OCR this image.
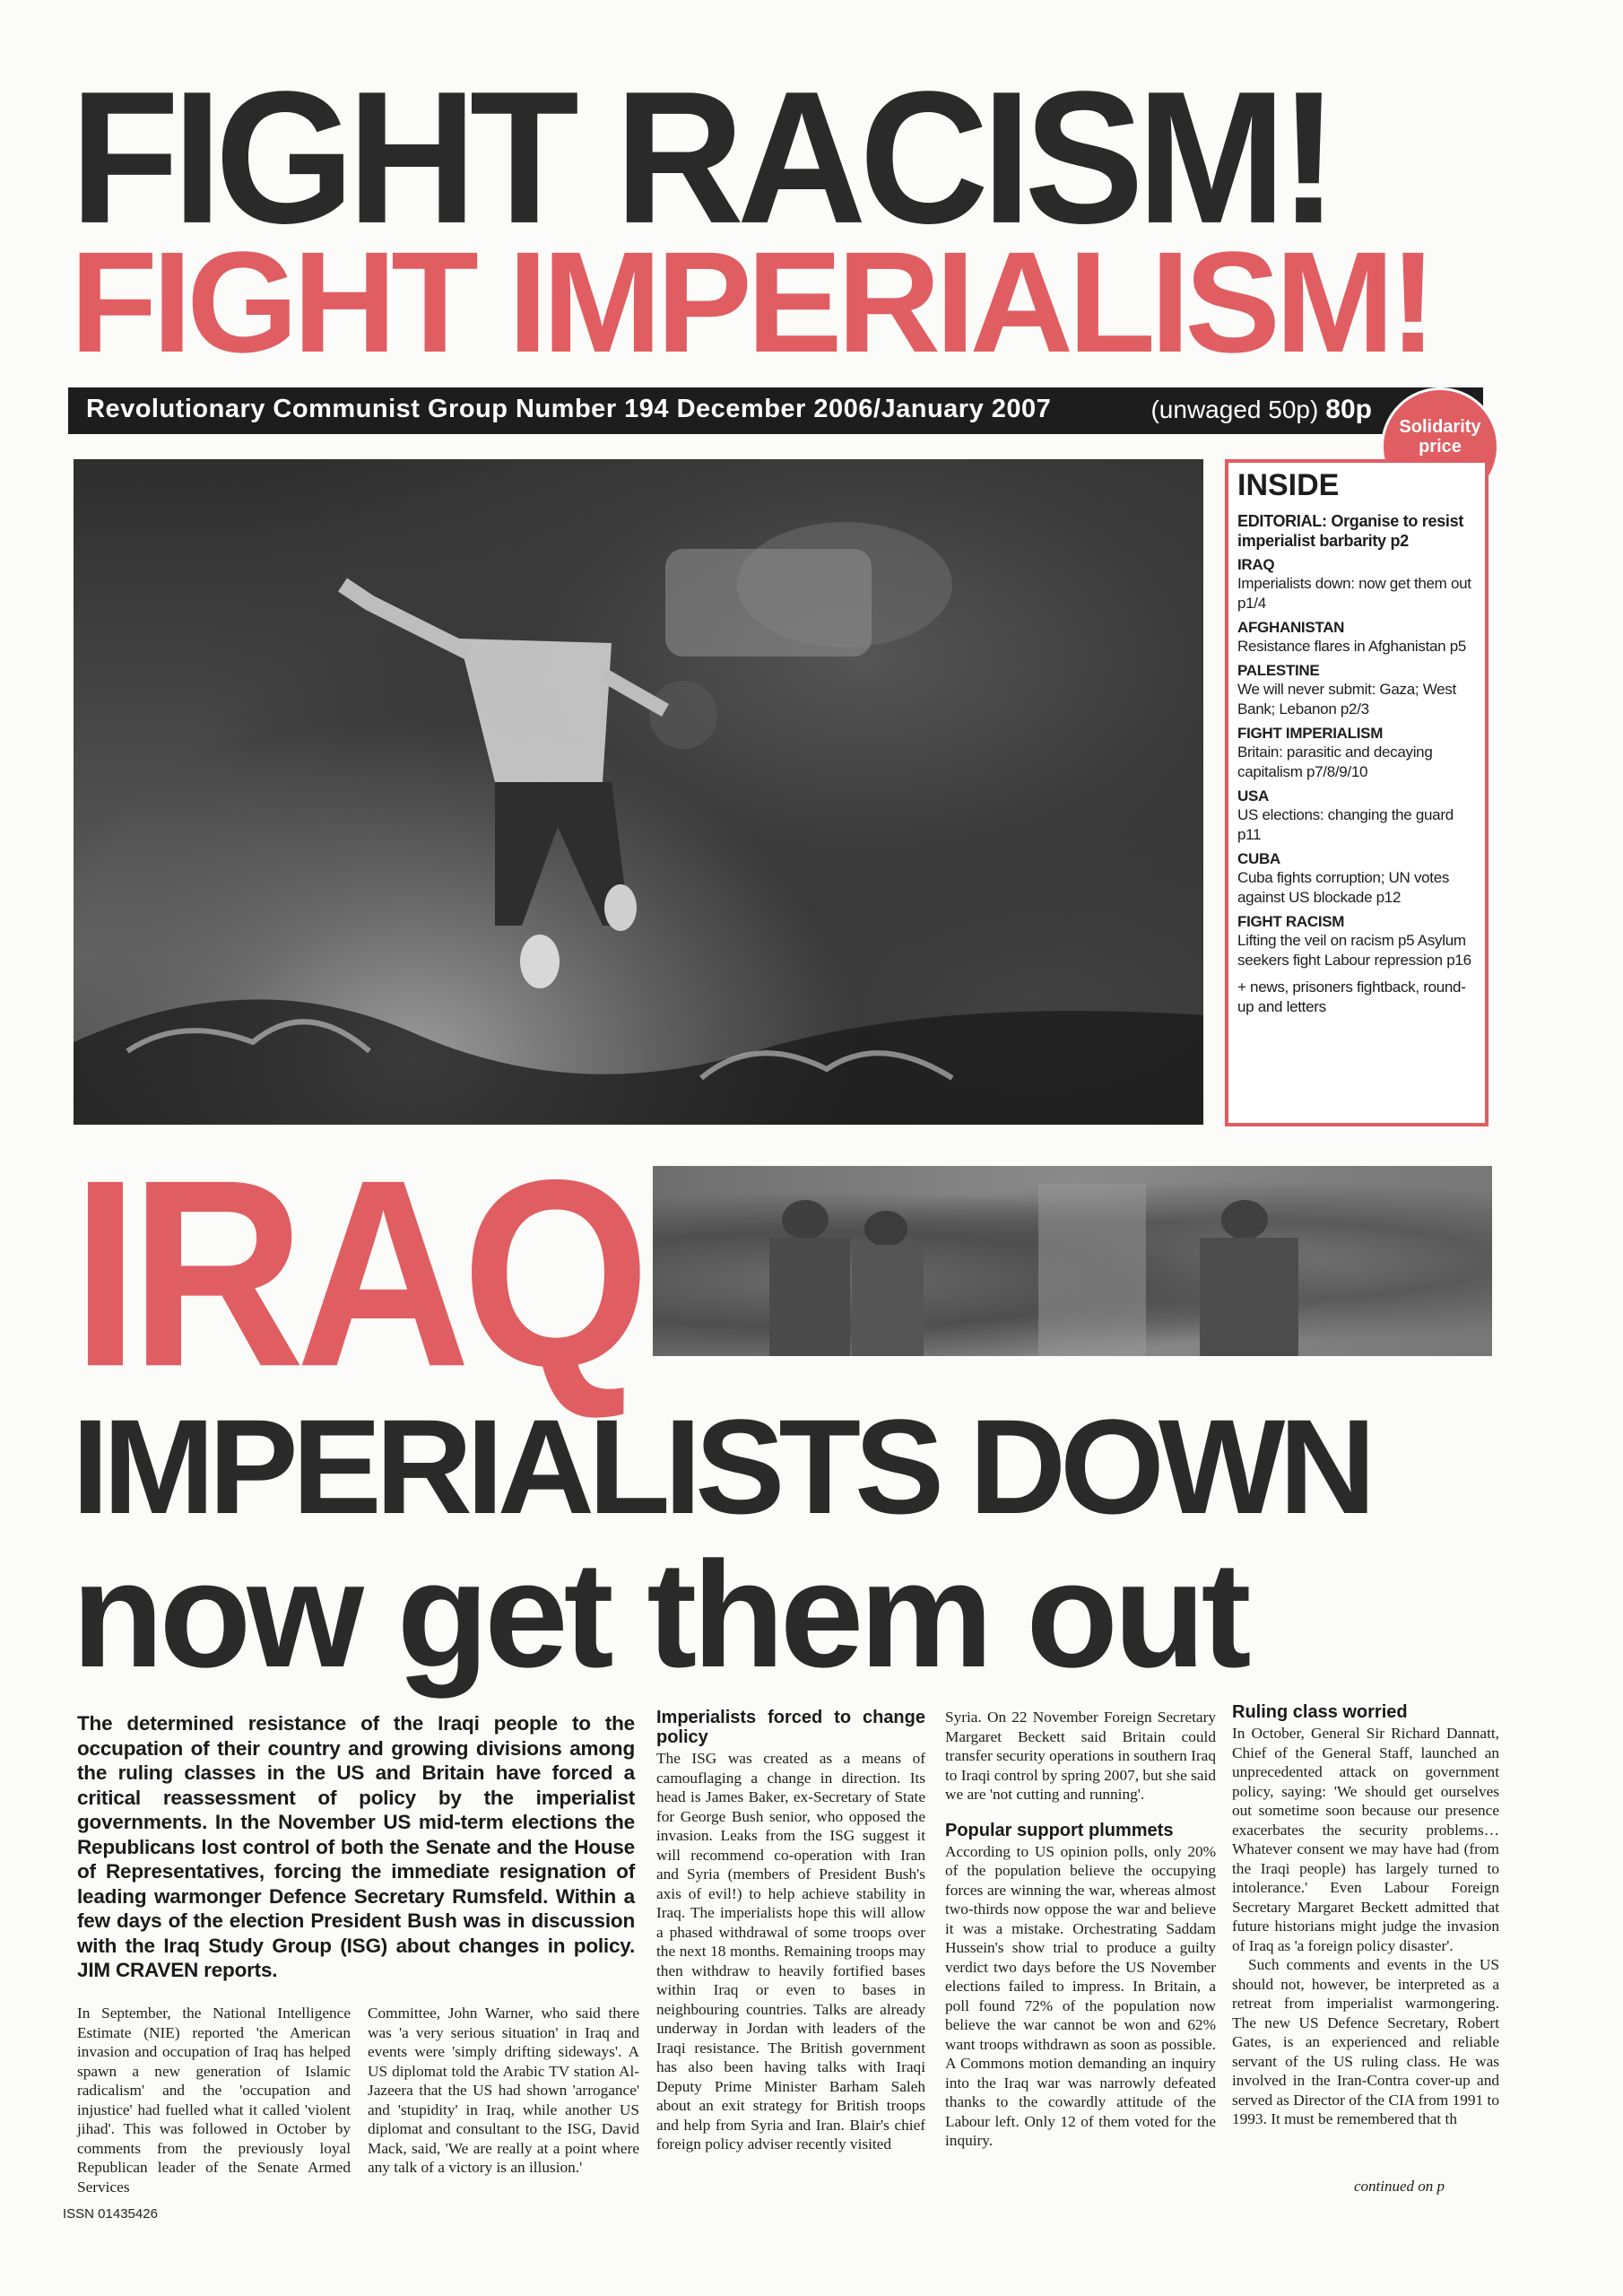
FIGHT RACISM!
FIGHT IMPERIALISM!
Revolutionary Communist Group Number 194 December 2006/January 2007	(unwaged 50p) 80p
Solidarity
price
INSIDE
EDITORIAL: Organise to resist imperialist barbarity p2
IRAQ
Imperialists down: now get them out p1/4
AFGHANISTAN
Resistance flares in Afghanistan p5
PALESTINE
We will never submit: Gaza; West Bank; Lebanon p2/3
FIGHT IMPERIALISM
Britain: parasitic and decaying capitalism p7/8/9/10
USA
US elections: changing the guard p11
CUBA
Cuba fights corruption; UN votes against US blockade p12
FIGHT RACISM
Lifting the veil on racism p5 Asylum seekers fight Labour repression p16
+ news, prisoners fightback, round-up and letters
IRAQ
IMPERIALISTS DOWN
now get them out
The determined resistance of the Iraqi people to the occupation of their country and growing divisions among the ruling classes in the US and Britain have forced a critical reassessment of policy by the imperialist governments. In the November US mid-term elections the Republicans lost control of both the Senate and the House of Representatives, forcing the immediate resignation of leading warmonger Defence Secretary Rumsfeld. Within a few days of the election President Bush was in discussion with the Iraq Study Group (ISG) about changes in policy. JIM CRAVEN reports.
In September, the National Intelligence Estimate (NIE) reported 'the American invasion and occupation of Iraq has helped spawn a new generation of Islamic radicalism' and the 'occupation and injustice' had fuelled what it called 'violent jihad'. This was followed in October by comments from the previously loyal Republican leader of the Senate Armed Services
Committee, John Warner, who said there was 'a very serious situation' in Iraq and events were 'simply drifting sideways'. A US diplomat told the Arabic TV station Al-Jazeera that the US had shown 'arrogance' and 'stupidity' in Iraq, while another US diplomat and consultant to the ISG, David Mack, said, 'We are really at a point where any talk of a victory is an illusion.'
Imperialists forced to change policy
The ISG was created as a means of camouflaging a change in direction. Its head is James Baker, ex-Secretary of State for George Bush senior, who opposed the invasion. Leaks from the ISG suggest it will recommend co-operation with Iran and Syria (members of President Bush's axis of evil!) to help achieve stability in Iraq. The imperialists hope this will allow a phased withdrawal of some troops over the next 18 months. Remaining troops may then withdraw to heavily fortified bases within Iraq or even to bases in neighbouring countries. Talks are already underway in Jordan with leaders of the Iraqi resistance. The British government has also been having talks with Iraqi Deputy Prime Minister Barham Saleh about an exit strategy for British troops and help from Syria and Iran. Blair's chief foreign policy adviser recently visited
Syria. On 22 November Foreign Secretary Margaret Beckett said Britain could transfer security operations in southern Iraq to Iraqi control by spring 2007, but she said we are 'not cutting and running'.
Popular support plummets
According to US opinion polls, only 20% of the population believe the occupying forces are winning the war, whereas almost two-thirds now oppose the war and believe it was a mistake. Orchestrating Saddam Hussein's show trial to produce a guilty verdict two days before the US November elections failed to impress. In Britain, a poll found 72% of the population now believe the war cannot be won and 62% want troops withdrawn as soon as possible. A Commons motion demanding an inquiry into the Iraq war was narrowly defeated thanks to the cowardly attitude of the Labour left. Only 12 of them voted for the inquiry.
Ruling class worried
In October, General Sir Richard Dannatt, Chief of the General Staff, launched an unprecedented attack on government policy, saying: 'We should get ourselves out sometime soon because our presence exacerbates the security problems…Whatever consent we may have had (from the Iraqi people) has largely turned to intolerance.' Even Labour Foreign Secretary Margaret Beckett admitted that future historians might judge the invasion of Iraq as 'a foreign policy disaster'.
Such comments and events in the US should not, however, be interpreted as a retreat from imperialist warmongering. The new US Defence Secretary, Robert Gates, is an experienced and reliable servant of the US ruling class. He was involved in the Iran-Contra cover-up and served as Director of the CIA from 1991 to 1993. It must be remembered that th
continued on p
ISSN 01435426
